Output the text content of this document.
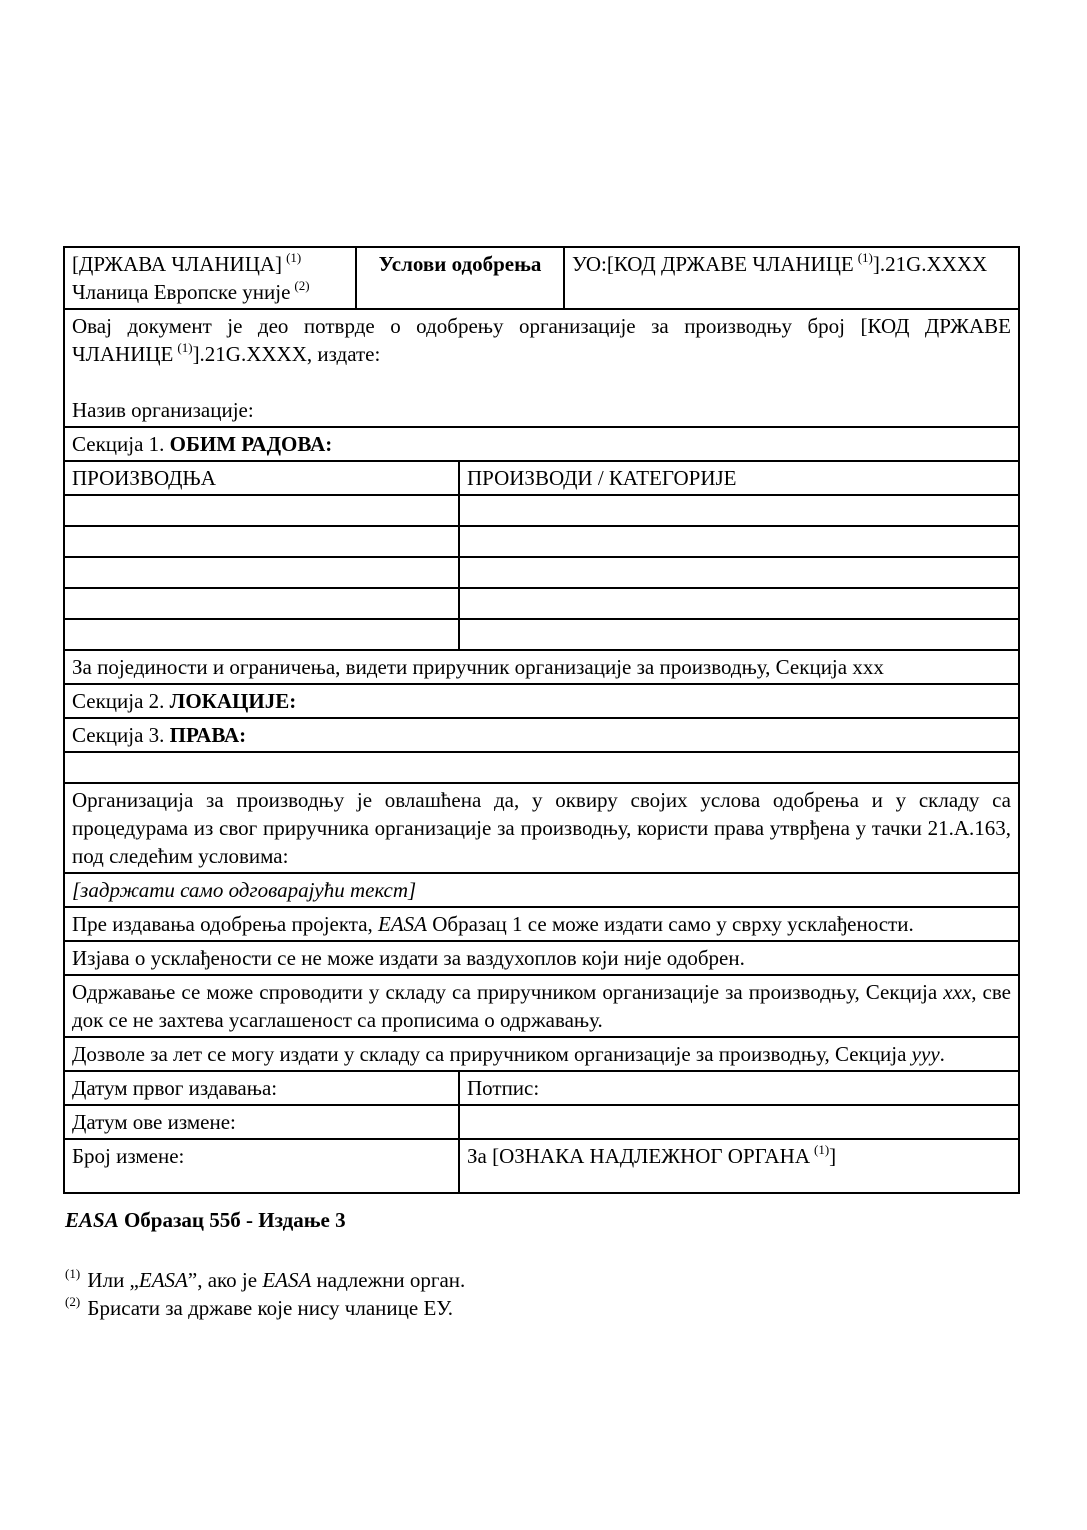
[ДРЖАВА ЧЛАНИЦА] $^{(1)}$
Чланица Европске уније $^{(2)}$
Услови одобрења	УО:[КОД ДРЖАВЕ ЧЛАНИЦЕ $^{(1)}$].21G.XXXX
Овај документ је део потврде о одобрењу организације за производњу број [КОД ДРЖАВЕ ЧЛАНИЦЕ $^{(1)}$].21G.XXXX, издате:
Назив организације:
Секција 1. ОБИМ РАДОВА:
ПРОИЗВОДЊА	ПРОИЗВОДИ / КАТЕГОРИЈЕ
За појединости и ограничења, видети приручник организације за производњу, Секција xxx
Секција 2. ЛОКАЦИЈЕ:
Секција 3. ПРАВА:
Организација за производњу је овлашћена да, у оквиру својих услова одобрења и у складу са процедурама из свог приручника организације за производњу, користи права утврђена у тачки 21.А.163, под следећим условима:
[задржати само одговарајући текст]
Пре издавања одобрења пројекта, EASA Образац 1 се може издати само у сврху усклађености.
Изјава о усклађености се не може издати за ваздухоплов који није одобрен.
Одржавање се може спроводити у складу са приручником организације за производњу, Секција xxx, све док се не захтева усаглашеност са прописима о одржавању.
Дозволе за лет се могу издати у складу са приручником организације за производњу, Секција yyy.
Датум првог издавања:	Потпис:
Датум ове измене:
Број измене:	За [ОЗНАКА НАДЛЕЖНОГ ОРГАНА $^{(1)}$]
EASA Образац 55б - Издање 3
$^{(1)}$ Или „EASA”, ако је EASA надлежни орган.
$^{(2)}$ Брисати за државе које нису чланице ЕУ.
